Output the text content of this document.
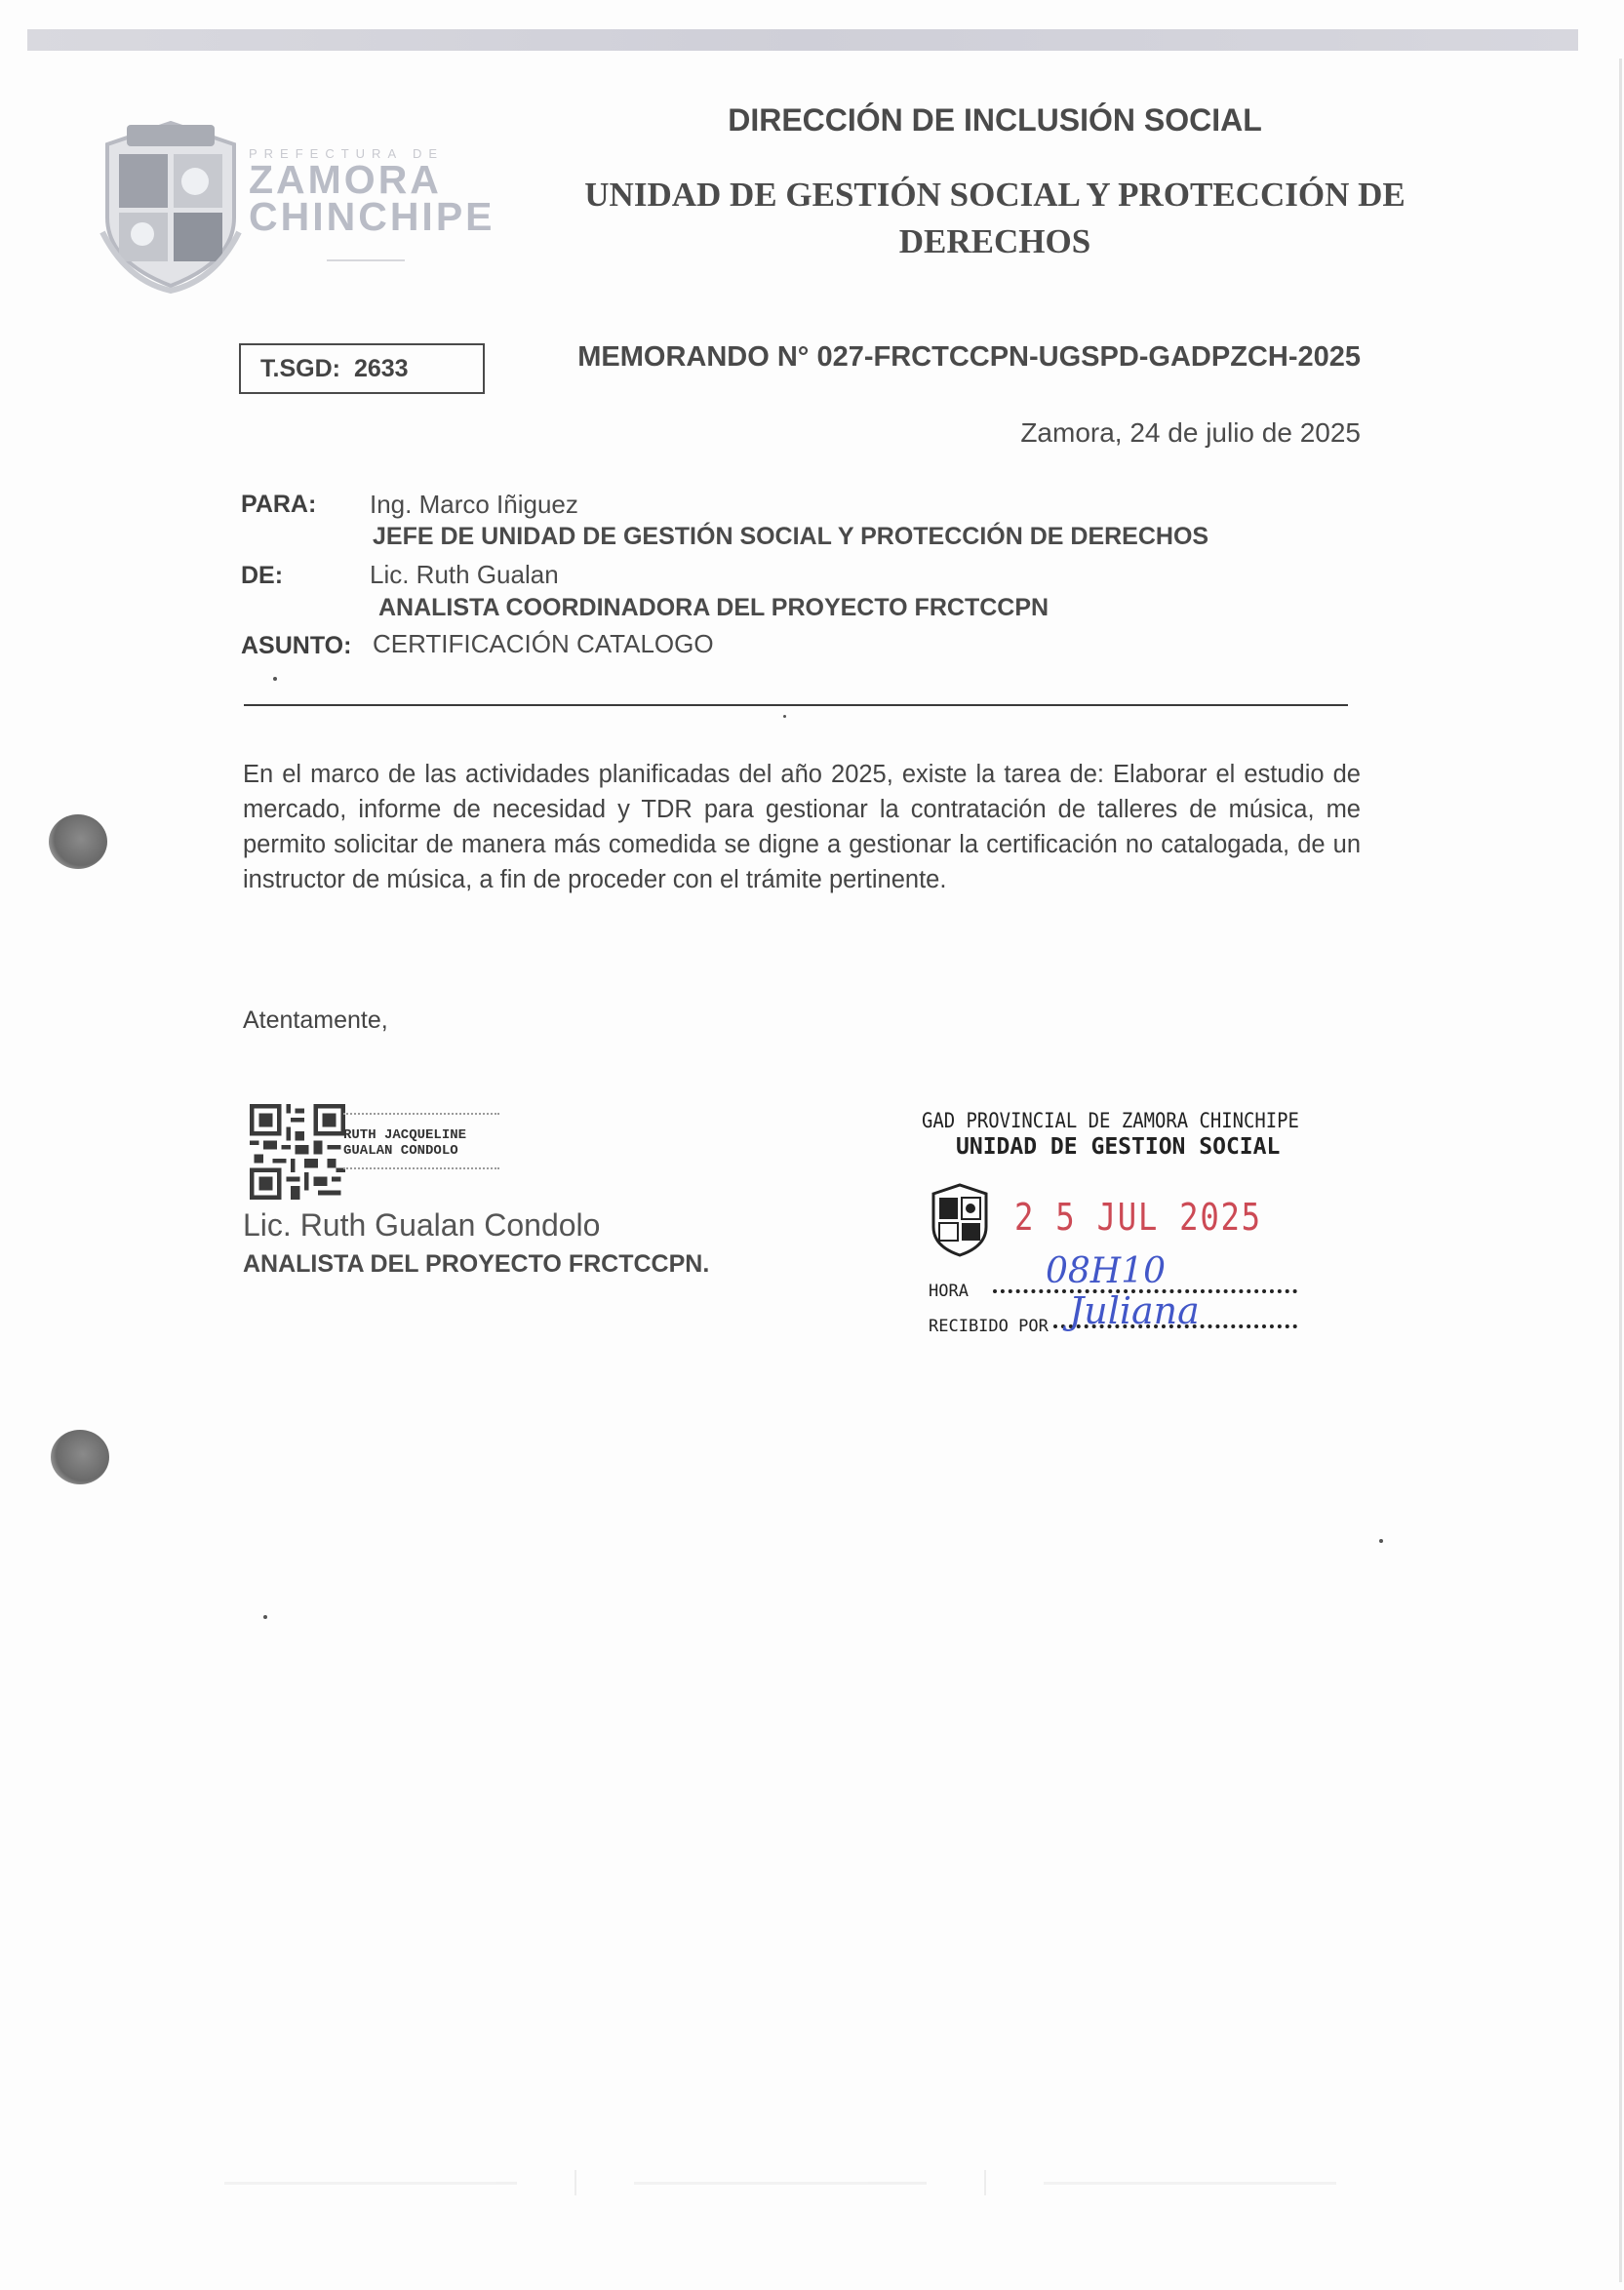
PREFECTURA DE
ZAMORA
CHINCHIPE
DIRECCIÓN DE INCLUSIÓN SOCIAL
UNIDAD DE GESTIÓN SOCIAL Y PROTECCIÓN DE
DERECHOS
T.SGD: 2633	MEMORANDO N° 027-FRCTCCPN-UGSPD-GADPZCH-2025
Zamora, 24 de julio de 2025
PARA: Ing. Marco Iñiguez
JEFE DE UNIDAD DE GESTIÓN SOCIAL Y PROTECCIÓN DE DERECHOS
DE:	Lic. Ruth Gualan
ANALISTA COORDINADORA DEL PROYECTO FRCTCCPN
ASUNTO: CERTIFICACIÓN CATALOGO
En el marco de las actividades planificadas del año 2025, existe la tarea de: Elaborar el estudio de mercado, informe de necesidad y TDR para gestionar la contratación de talleres de música, me permito solicitar de manera más comedida se digne a gestionar la certificación no catalogada, de un instructor de música, a fin de proceder con el trámite pertinente.
Atentamente,
RUTH JACQUELINE
GUALAN CONDOLO
Lic. Ruth Gualan Condolo
ANALISTA DEL PROYECTO FRCTCCPN.
GAD PROVINCIAL DE ZAMORA CHINCHIPE
UNIDAD DE GESTION SOCIAL
2 5 JUL 2025
HORA 08H10
RECIBIDO POR Juliana
